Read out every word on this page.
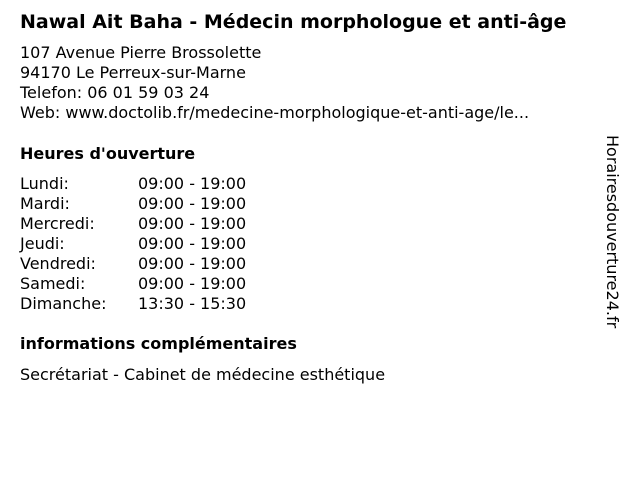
Nawal Ait Baha - Médecin morphologue et anti-âge
107 Avenue Pierre Brossolette
94170 Le Perreux-sur-Marne
Telefon: 06 01 59 03 24
Web: www.doctolib.fr/medecine-morphologique-et-anti-age/le...
Heures d'ouverture
Lundi:	09:00 - 19:00
Mardi:	09:00 - 19:00
Mercredi:	09:00 - 19:00
Jeudi:	09:00 - 19:00
Vendredi:	09:00 - 19:00
Samedi:	09:00 - 19:00
Dimanche: 13:30 - 15:30
informations complémentaires
Secrétariat - Cabinet de médecine esthétique
Horairesdouverture24.fr
